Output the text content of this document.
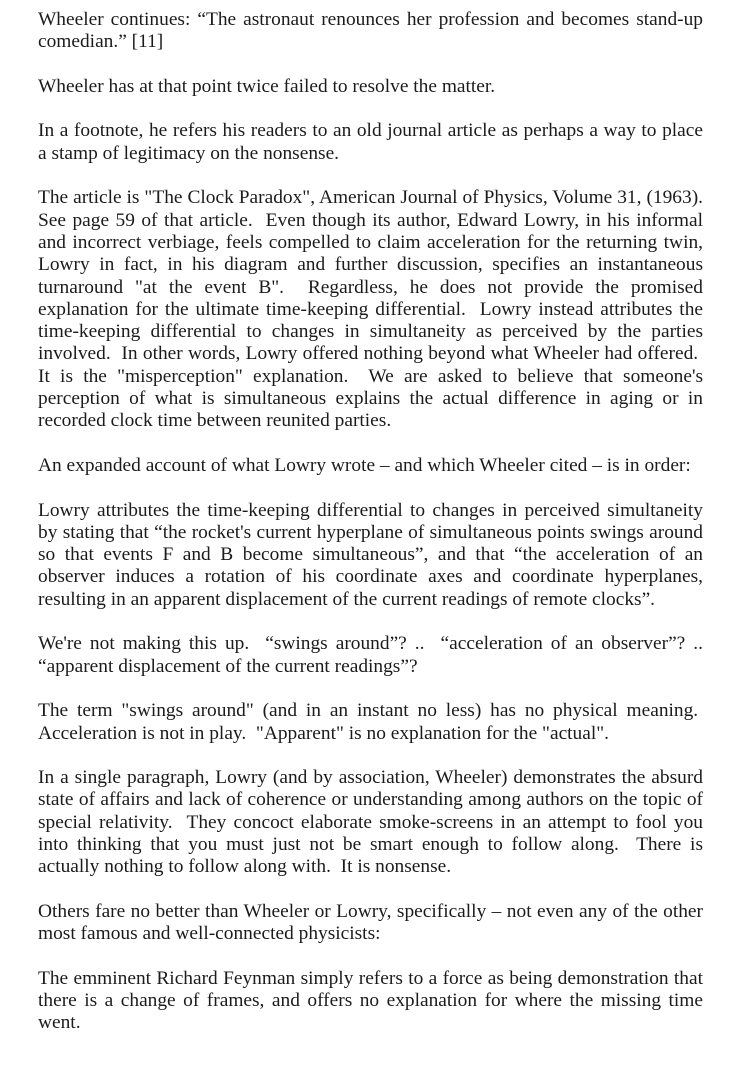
Wheeler continues: “The astronaut renounces her profession and becomes stand-up comedian.” [11]

Wheeler has at that point twice failed to resolve the matter.

In a footnote, he refers his readers to an old journal article as perhaps a way to place a stamp of legitimacy on the nonsense.

The article is "The Clock Paradox", American Journal of Physics, Volume 31, (1963). See page 59 of that article.  Even though its author, Edward Lowry, in his informal and incorrect verbiage, feels compelled to claim acceleration for the returning twin, Lowry in fact, in his diagram and further discussion, specifies an instantaneous turnaround "at the event B".  Regardless, he does not provide the promised explanation for the ultimate time-keeping differential.  Lowry instead attributes the time-keeping differential to changes in simultaneity as perceived by the parties involved.  In other words, Lowry offered nothing beyond what Wheeler had offered.  It is the "misperception" explanation.  We are asked to believe that someone's perception of what is simultaneous explains the actual difference in aging or in recorded clock time between reunited parties.

An expanded account of what Lowry wrote – and which Wheeler cited – is in order:

Lowry attributes the time-keeping differential to changes in perceived simultaneity by stating that “the rocket's current hyperplane of simultaneous points swings around so that events F and B become simultaneous”, and that “the acceleration of an observer induces a rotation of his coordinate axes and coordinate hyperplanes, resulting in an apparent displacement of the current readings of remote clocks”.

We're not making this up.  “swings around”? ..  “acceleration of an observer”? .. “apparent displacement of the current readings”?

The term "swings around" (and in an instant no less) has no physical meaning.  Acceleration is not in play.  "Apparent" is no explanation for the "actual".

In a single paragraph, Lowry (and by association, Wheeler) demonstrates the absurd state of affairs and lack of coherence or understanding among authors on the topic of special relativity.  They concoct elaborate smoke-screens in an attempt to fool you into thinking that you must just not be smart enough to follow along.  There is actually nothing to follow along with.  It is nonsense.

Others fare no better than Wheeler or Lowry, specifically – not even any of the other most famous and well-connected physicists:

The emminent Richard Feynman simply refers to a force as being demonstration that there is a change of frames, and offers no explanation for where the missing time went.
